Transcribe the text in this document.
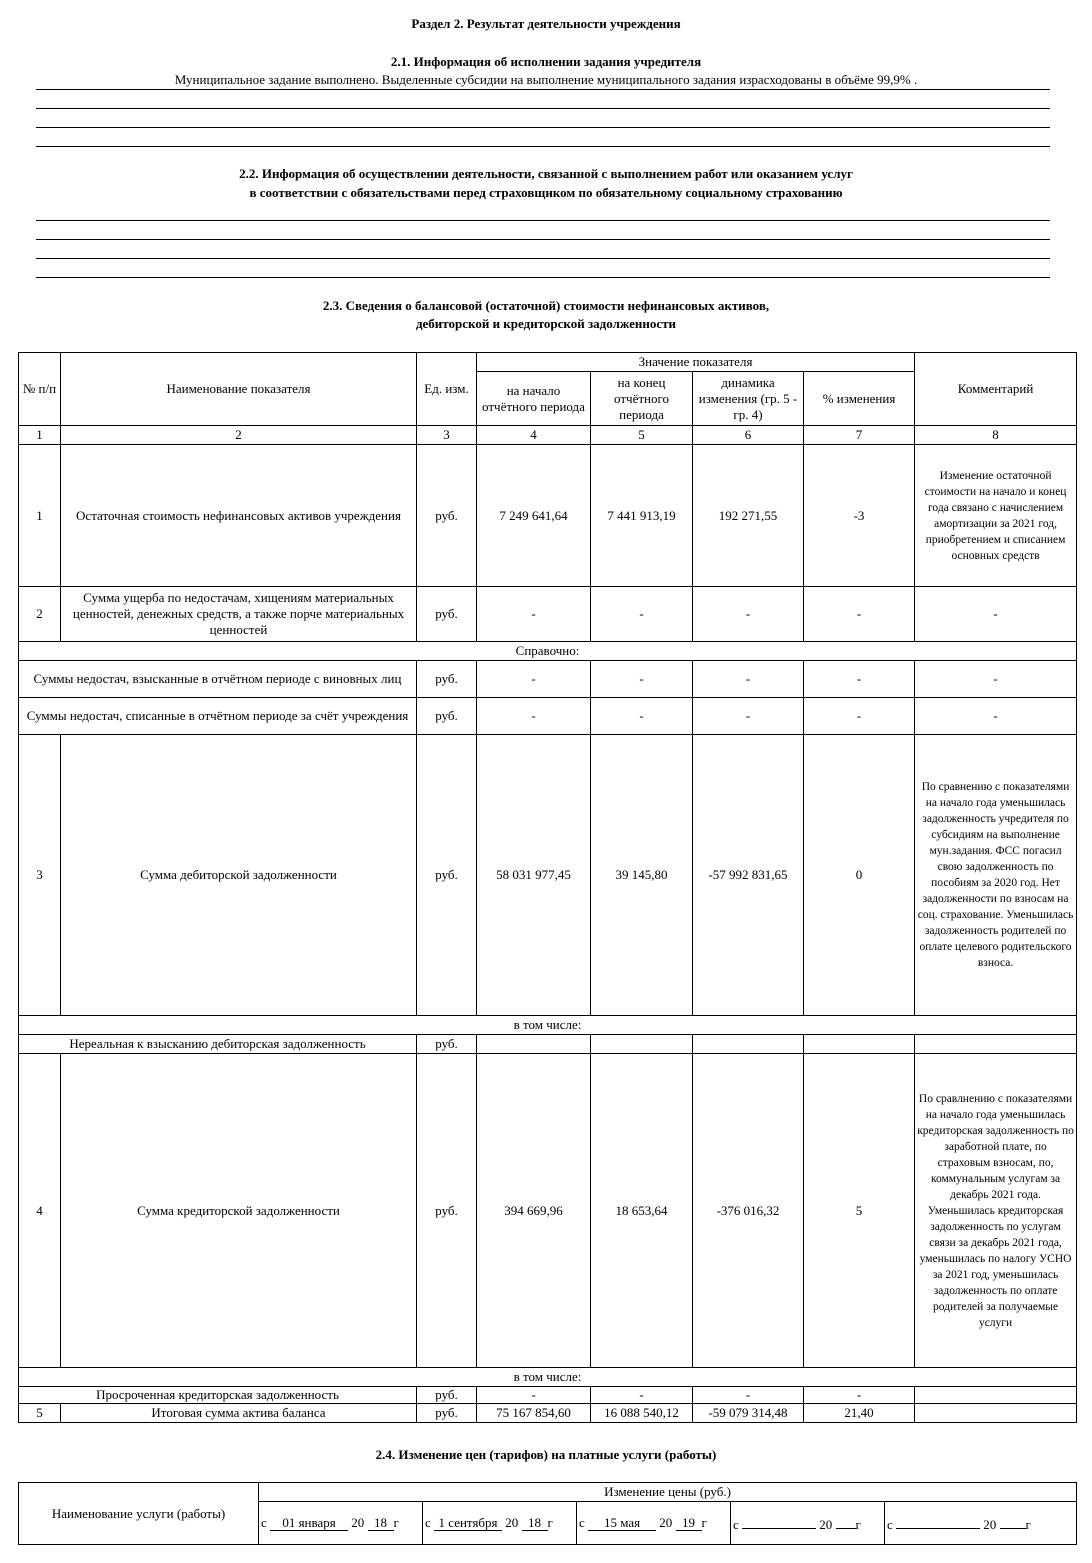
Раздел 2. Результат деятельности учреждения
2.1. Информация об исполнении задания учредителя
Муниципальное задание выполнено. Выделенные субсидии на выполнение муниципального задания израсходованы в объёме 99,9% .
2.2. Информация об осуществлении деятельности, связанной с выполнением работ или оказанием услуг
в соответствии с обязательствами перед страховщиком по обязательному социальному страхованию
2.3. Сведения о балансовой (остаточной) стоимости нефинансовых активов,
дебиторской и кредиторской задолженности
№ п/п	Наименование показателя	Ед. изм.	Значение показателя				Комментарий
			на начало отчётного периода	на конец отчётного периода	динамика изменения (гр. 5 - гр. 4)	% изменения	
1	2	3	4	5	6	7	8
1	Остаточная стоимость нефинансовых активов учреждения	руб.	7 249 641,64	7 441 913,19	192 271,55	-3	Изменение остаточной стоимости на начало и конец года связано с начислением амортизации за 2021 год, приобретением и списанием основных средств
2	Сумма ущерба по недостачам, хищениям материальных ценностей, денежных средств, а также порче материальных ценностей	руб.	-	-	-	-	-
Справочно:							
Суммы недостач, взысканные в отчётном периоде с виновных лиц		руб.	-	-	-	-	-
Суммы недостач, списанные в отчётном периоде за счёт учреждения		руб.	-	-	-	-	-
3	Сумма дебиторской задолженности	руб.	58 031 977,45	39 145,80	-57 992 831,65	0	По сравнению с показателями на начало года уменьшилась задолженность учредителя по субсидиям на выполнение мун.задания. ФСС погасил свою задолженность по пособиям за 2020 год. Нет задолженности по взносам на соц. страхование. Уменьшилась задолженность родителей по оплате целевого родительского взноса.
в том числе:							
Нереальная к взысканию дебиторская задолженность		руб.					
4	Сумма кредиторской задолженности	руб.	394 669,96	18 653,64	-376 016,32	5	По сравлнению с показателями на начало года уменьшилась кредиторская задолженность по заработной плате, по страховым взносам, по, коммунальным услугам за декабрь 2021 года. Уменьшилась кредиторская задолженность по услугам связи за декабрь 2021 года, уменьшилась по налогу УСНО за 2021 год, уменьшилась задолженность по оплате родителей за получаемые услуги
в том числе:							
Просроченная кредиторская задолженность		руб.	-	-	-	-	
5	Итоговая сумма актива баланса	руб.	75 167 854,60	16 088 540,12	-59 079 314,48	21,40	
2.4. Изменение цен (тарифов) на платные услуги (работы)
Наименование услуги (работы)	Изменение цены (руб.)				
	с 01 января 20 18 г	с 1 сентября 20 18 г	с 15 мая 20 19 г	с 20 г	с 20 г
